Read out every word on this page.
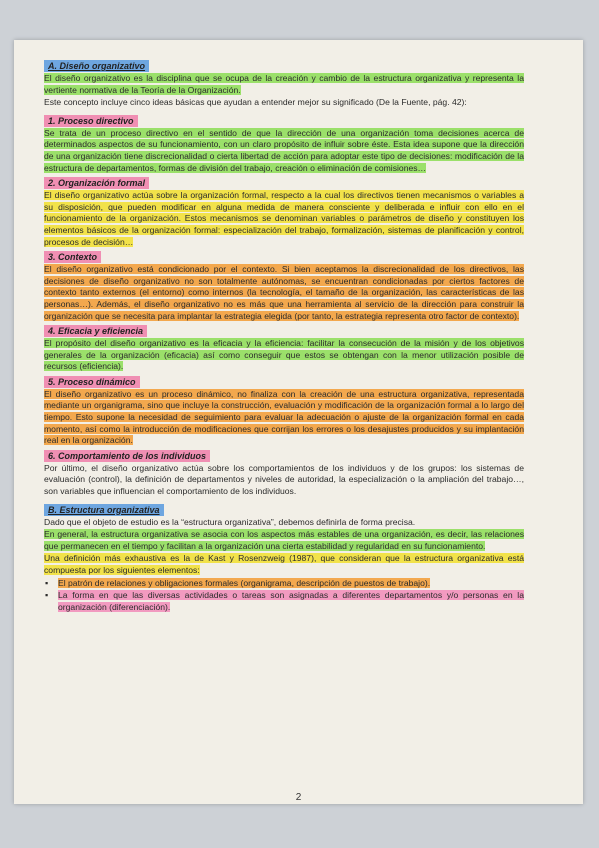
A. Diseño organizativo

El diseño organizativo es la disciplina que se ocupa de la creación y cambio de la estructura organizativa y representa la vertiente normativa de la Teoría de la Organización.

Este concepto incluye cinco ideas básicas que ayudan a entender mejor su significado (De la Fuente, pág. 42):

1. Proceso directivo

Se trata de un proceso directivo en el sentido de que la dirección de una organización toma decisiones acerca de determinados aspectos de su funcionamiento, con un claro propósito de influir sobre éste. Esta idea supone que la dirección de una organización tiene discrecionalidad o cierta libertad de acción para adoptar este tipo de decisiones: modificación de la estructura de departamentos, formas de división del trabajo, creación o eliminación de comisiones…

2. Organización formal

El diseño organizativo actúa sobre la organización formal, respecto a la cual los directivos tienen mecanismos o variables a su disposición, que pueden modificar en alguna medida de manera consciente y deliberada e influir con ello en el funcionamiento de la organización. Estos mecanismos se denominan variables o parámetros de diseño y constituyen los elementos básicos de la organización formal: especialización del trabajo, formalización, sistemas de planificación y control, procesos de decisión…

3. Contexto

El diseño organizativo está condicionado por el contexto. Si bien aceptamos la discrecionalidad de los directivos, las decisiones de diseño organizativo no son totalmente autónomas, se encuentran condicionadas por ciertos factores de contexto tanto externos (el entorno) como internos (la tecnología, el tamaño de la organización, las características de las personas…). Además, el diseño organizativo no es más que una herramienta al servicio de la dirección para construir la organización que se necesita para implantar la estrategia elegida (por tanto, la estrategia representa otro factor de contexto).

4. Eficacia y eficiencia

El propósito del diseño organizativo es la eficacia y la eficiencia: facilitar la consecución de la misión y de los objetivos generales de la organización (eficacia) así como conseguir que estos se obtengan con la menor utilización posible de recursos (eficiencia).

5. Proceso dinámico

El diseño organizativo es un proceso dinámico, no finaliza con la creación de una estructura organizativa, representada mediante un organigrama, sino que incluye la construcción, evaluación y modificación de la organización formal a lo largo del tiempo. Esto supone la necesidad de seguimiento para evaluar la adecuación o ajuste de la organización formal en cada momento, así como la introducción de modificaciones que corrijan los errores o los desajustes producidos y su implantación real en la organización.

6. Comportamiento de los individuos

Por último, el diseño organizativo actúa sobre los comportamientos de los individuos y de los grupos: los sistemas de evaluación (control), la definición de departamentos y niveles de autoridad, la especialización o la ampliación del trabajo…, son variables que influencian el comportamiento de los individuos.

B. Estructura organizativa

Dado que el objeto de estudio es la “estructura organizativa”, debemos definirla de forma precisa.

En general, la estructura organizativa se asocia con los aspectos más estables de una organización, es decir, las relaciones que permanecen en el tiempo y facilitan a la organización una cierta estabilidad y regularidad en su funcionamiento.

Una definición más exhaustiva es la de Kast y Rosenzweig (1987), que consideran que la estructura organizativa está compuesta por los siguientes elementos:

▪ El patrón de relaciones y obligaciones formales (organigrama, descripción de puestos de trabajo).
▪ La forma en que las diversas actividades o tareas son asignadas a diferentes departamentos y/o personas en la organización (diferenciación).
2
